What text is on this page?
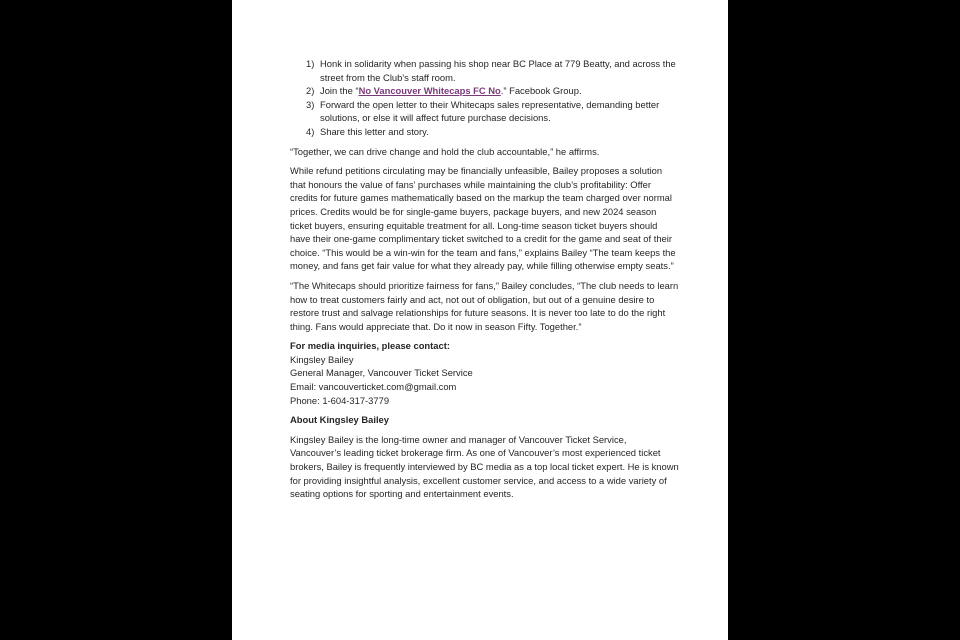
1) Honk in solidarity when passing his shop near BC Place at 779 Beatty, and across the street from the Club's staff room.
2) Join the “No Vancouver Whitecaps FC No.” Facebook Group.
3) Forward the open letter to their Whitecaps sales representative, demanding better solutions, or else it will affect future purchase decisions.
4) Share this letter and story.

“Together, we can drive change and hold the club accountable,” he affirms.

While refund petitions circulating may be financially unfeasible, Bailey proposes a solution that honours the value of fans’ purchases while maintaining the club’s profitability: Offer credits for future games mathematically based on the markup the team charged over normal prices. Credits would be for single-game buyers, package buyers, and new 2024 season ticket buyers, ensuring equitable treatment for all. Long-time season ticket buyers should have their one-game complimentary ticket switched to a credit for the game and seat of their choice. “This would be a win-win for the team and fans,” explains Bailey “The team keeps the money, and fans get fair value for what they already pay, while filling otherwise empty seats.”

“The Whitecaps should prioritize fairness for fans,” Bailey concludes, “The club needs to learn how to treat customers fairly and act, not out of obligation, but out of a genuine desire to restore trust and salvage relationships for future seasons. It is never too late to do the right thing. Fans would appreciate that. Do it now in season Fifty. Together.”

For media inquiries, please contact:
Kingsley Bailey
General Manager, Vancouver Ticket Service
Email: vancouverticket.com@gmail.com
Phone: 1-604-317-3779
About Kingsley Bailey

Kingsley Bailey is the long-time owner and manager of Vancouver Ticket Service, Vancouver’s leading ticket brokerage firm. As one of Vancouver’s most experienced ticket brokers, Bailey is frequently interviewed by BC media as a top local ticket expert. He is known for providing insightful analysis, excellent customer service, and access to a wide variety of seating options for sporting and entertainment events.
